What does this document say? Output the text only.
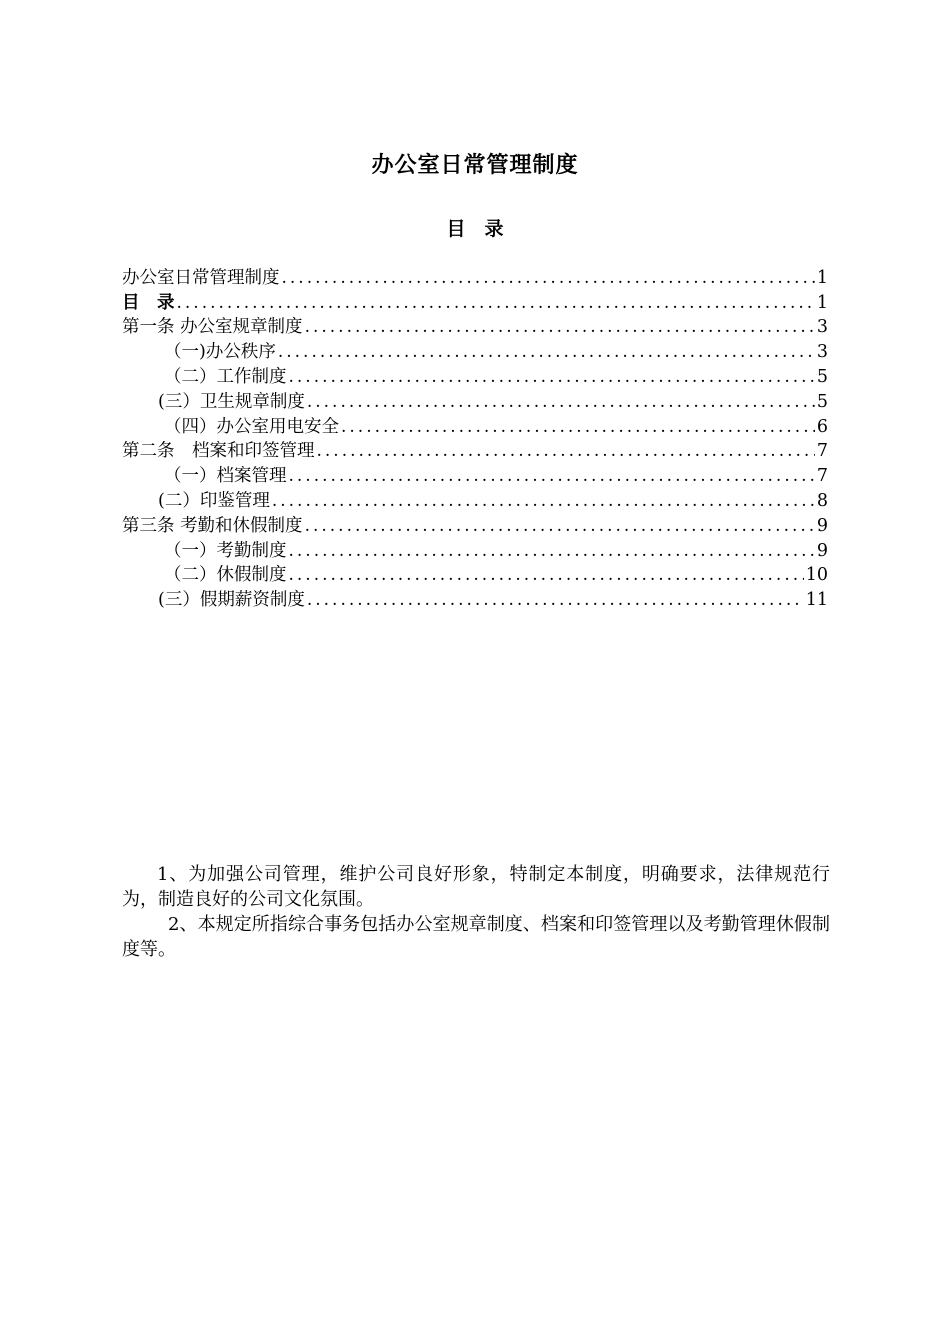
办公室日常管理制度
目　录
办公室日常管理制度 .....	1
目　录 .....	1
第一条 办公室规章制度 .....	3
（一)办公秩序 .....	3
（二）工作制度 .....	5
(三）卫生规章制度 .....	5
（四）办公室用电安全 .....	6
第二条　档案和印签管理 .....	7
（一）档案管理 .....	7
(二）印鉴管理 .....	8
第三条 考勤和休假制度 .....	9
（一）考勤制度 .....	9
（二）休假制度 .....	10
(三）假期薪资制度 .....	11

1、为加强公司管理，维护公司良好形象，特制定本制度，明确要求，法律规范行为，制造良好的公司文化氛围。

2、本规定所指综合事务包括办公室规章制度、档案和印签管理以及考勤管理休假制度等。
